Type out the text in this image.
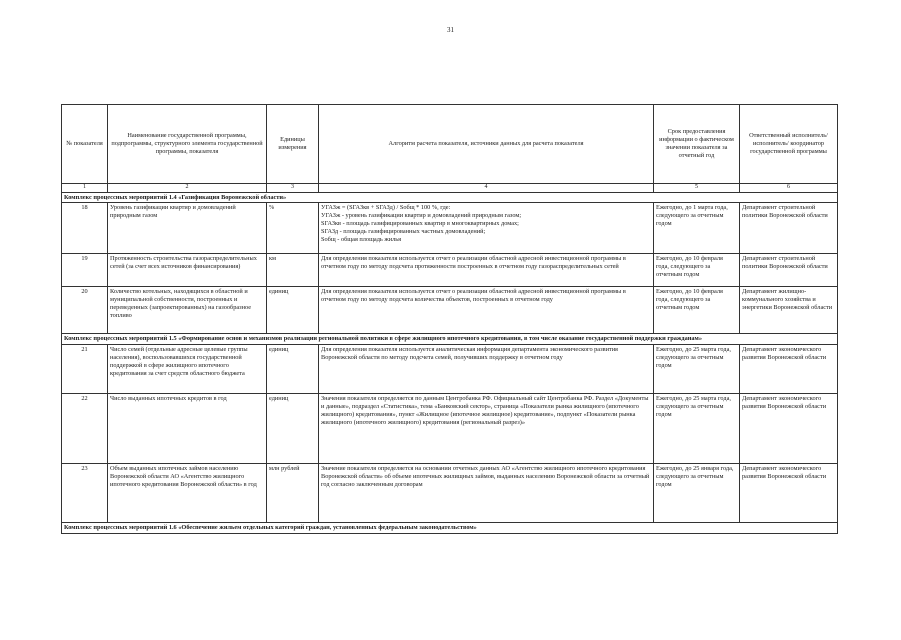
31
№ показателя	Наименование государственной программы, подпрограммы, структурного элемента государственной программы, показателя	Единицы измерения	Алгоритм расчета показателя, источники данных для расчета показателя	Срок предоставления информации о фактическом значении показателя за отчетный год	Ответственный исполнитель/исполнитель/ координатор государственной программы
1	2	3	4	5	6
Комплекс процессных мероприятий 1.4 «Газификация Воронежской области»					
18	Уровень газификации квартир и домовладений природным газом	%	УГАЗж = (SГАЗкв + SГАЗд) / Sобщ * 100 %, где:
УГАЗж - уровень газификации квартир и домовладений природным газом;
SГАЗкв - площадь газифицированных квартир в многоквартирных домах;
SГАЗд - площадь газифицированных частных домовладений;
Sобщ - общая площадь жилья	Ежегодно, до 1 марта года, следующего за отчетным годом	Департамент строительной политики Воронежской области
19	Протяженность строительства газораспределительных сетей (за счет всех источников финансирования)	км	Для определения показателя используется отчет о реализации областной адресной инвестиционной программы в отчетном году по методу подсчета протяженности построенных в отчетном году газораспределительных сетей	Ежегодно, до 10 февраля года, следующего за отчетным годом	Департамент строительной политики Воронежской области
20	Количество котельных, находящихся в областной и муниципальной собственности, построенных и переведенных (запроектированных) на газообразное топливо	единиц	Для определения показателя используется отчет о реализации областной адресной инвестиционной программы в отчетном году по методу подсчета количества объектов, построенных в отчетном году	Ежегодно, до 10 февраля года, следующего за отчетным годом	Департамент жилищно-коммунального хозяйства и энергетики Воронежской области
Комплекс процессных мероприятий 1.5 «Формирование основ и механизмов реализации региональной политики в сфере жилищного ипотечного кредитования, в том числе оказание государственной поддержки гражданам»					
21	Число семей (отдельные адресные целевые группы населения), воспользовавшихся государственной поддержкой в сфере жилищного ипотечного кредитования за счет средств областного бюджета	единиц	Для определения показателя используется аналитическая информация департамента экономического развития Воронежской области по методу подсчета семей, получивших поддержку в отчетном году	Ежегодно, до 25 марта года, следующего за отчетным годом	Департамент экономического развития Воронежской области
22	Число выданных ипотечных кредитов в год	единиц	Значения показателя определяется по данным Центробанка РФ. Официальный сайт Центробанка РФ. Раздел «Документы и данные», подраздел «Статистика», тема «Банковский сектор», страница «Показатели рынка жилищного (ипотечного жилищного) кредитования», пункт «Жилищное (ипотечное жилищное) кредитование», подпункт «Показатели рынка жилищного (ипотечного жилищного) кредитования (региональный разрез)»	Ежегодно, до 25 марта года, следующего за отчетным годом	Департамент экономического развития Воронежской области
23	Объем выданных ипотечных займов населению Воронежской области АО «Агентство жилищного ипотечного кредитования Воронежской области» в год	млн рублей	Значение показателя определяется на основании отчетных данных АО «Агентство жилищного ипотечного кредитования Воронежской области» об объеме ипотечных жилищных займов, выданных населению Воронежской области за отчетный год согласно заключенным договорам	Ежегодно, до 25 января года, следующего за отчетным годом	Департамент экономического развития Воронежской области
Комплекс процессных мероприятий 1.6 «Обеспечение жильем отдельных категорий граждан, установленных федеральным законодательством»					
